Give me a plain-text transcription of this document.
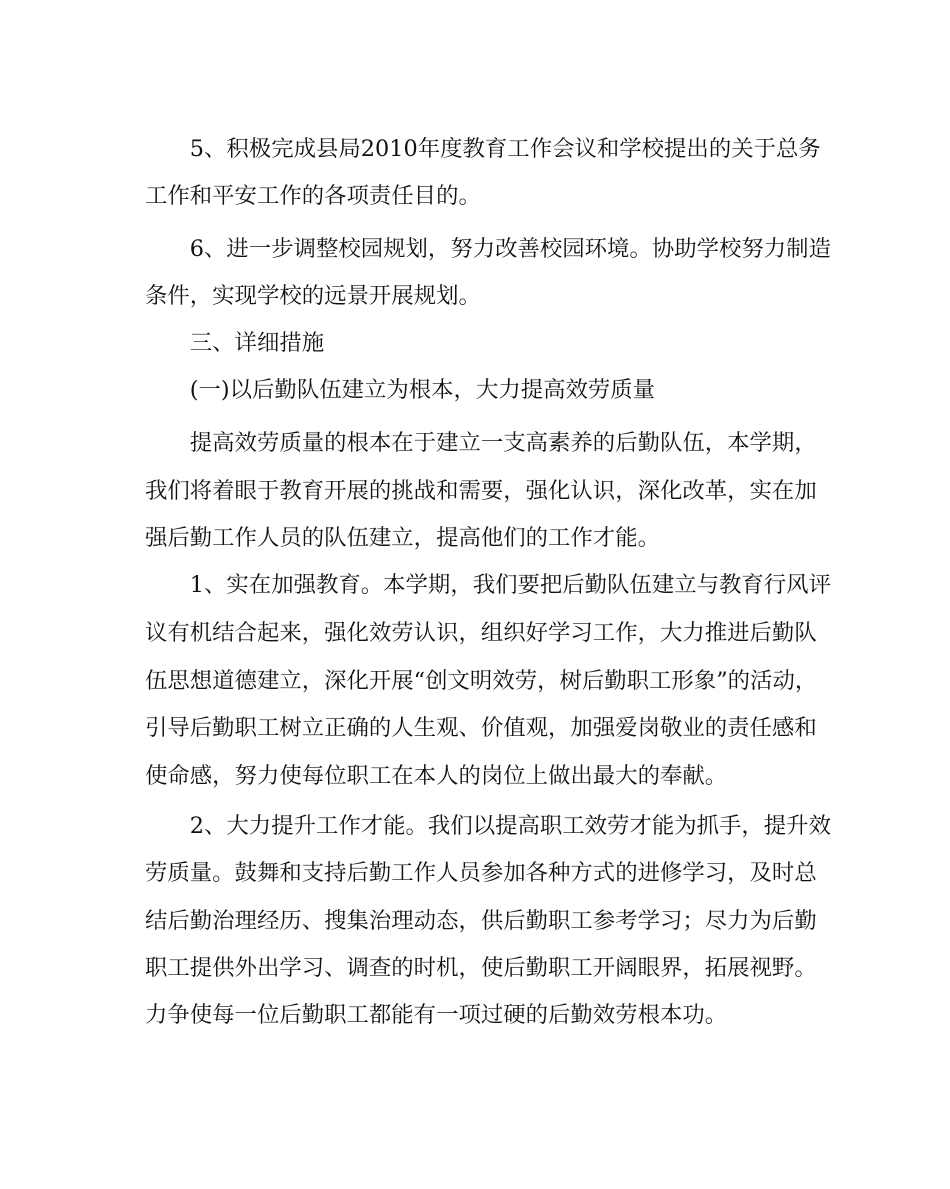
　　5、积极完成县局2010年度教育工作会议和学校提出的关于总务
工作和平安工作的各项责任目的。
　　6、进一步调整校园规划，努力改善校园环境。协助学校努力制造
条件，实现学校的远景开展规划。
　　三、详细措施
　　(一)以后勤队伍建立为根本，大力提高效劳质量
　　提高效劳质量的根本在于建立一支高素养的后勤队伍，本学期，
我们将着眼于教育开展的挑战和需要，强化认识，深化改革，实在加
强后勤工作人员的队伍建立，提高他们的工作才能。
　　1、实在加强教育。本学期，我们要把后勤队伍建立与教育行风评
议有机结合起来，强化效劳认识，组织好学习工作，大力推进后勤队
伍思想道德建立，深化开展“创文明效劳，树后勤职工形象”的活动，
引导后勤职工树立正确的人生观、价值观，加强爱岗敬业的责任感和
使命感，努力使每位职工在本人的岗位上做出最大的奉献。
　　2、大力提升工作才能。我们以提高职工效劳才能为抓手，提升效
劳质量。鼓舞和支持后勤工作人员参加各种方式的进修学习，及时总
结后勤治理经历、搜集治理动态，供后勤职工参考学习；尽力为后勤
职工提供外出学习、调查的时机，使后勤职工开阔眼界，拓展视野。
力争使每一位后勤职工都能有一项过硬的后勤效劳根本功。
